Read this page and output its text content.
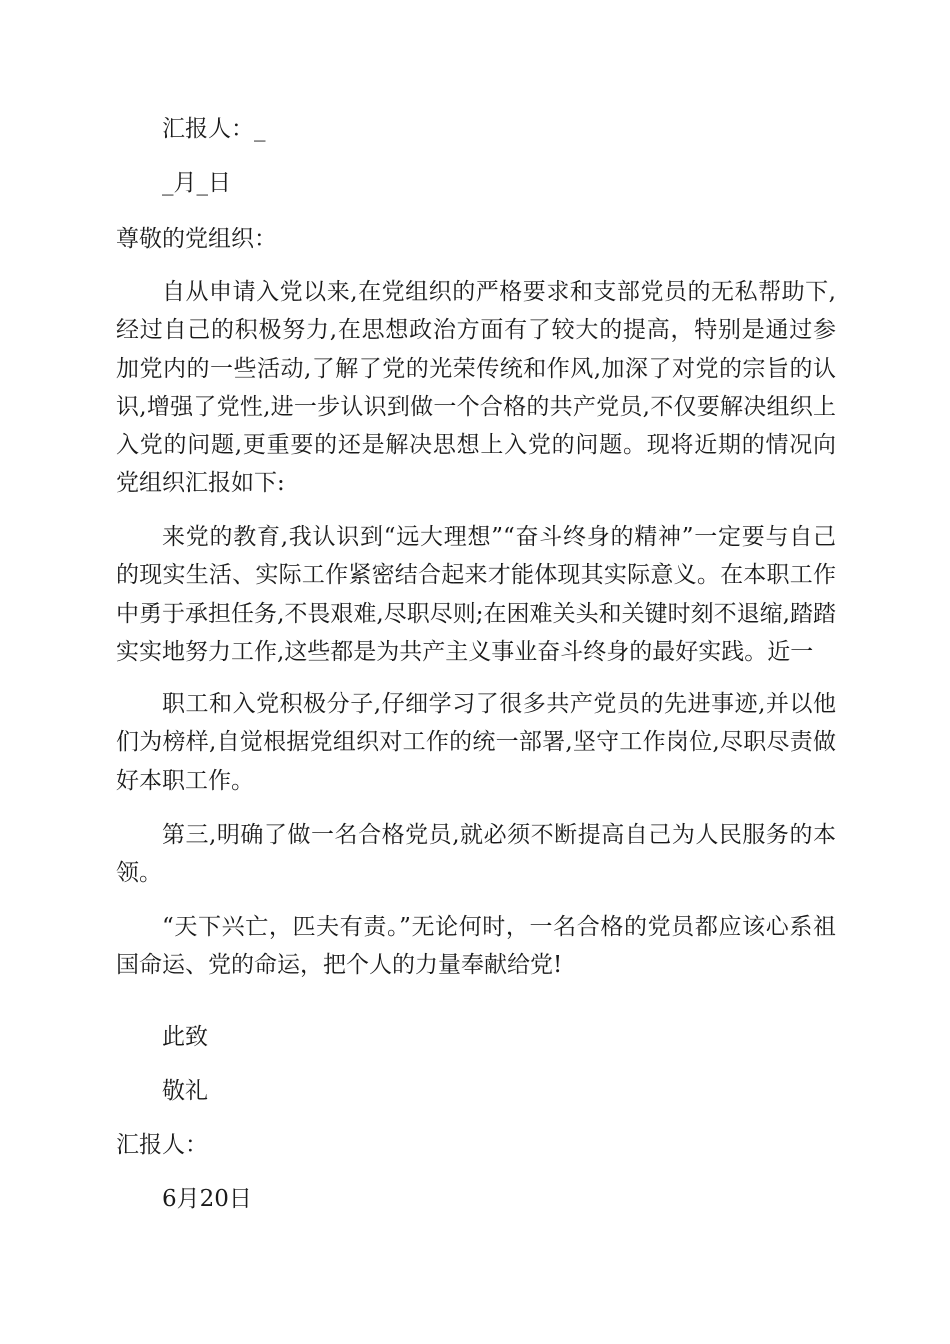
汇报人：_
_月_日
尊敬的党组织：
自从申请入党以来,在党组织的严格要求和支部党员的无私帮助下,经过自己的积极努力,在思想政治方面有了较大的提高，特别是通过参加党内的一些活动,了解了党的光荣传统和作风,加深了对党的宗旨的认识,增强了党性,进一步认识到做一个合格的共产党员,不仅要解决组织上入党的问题,更重要的还是解决思想上入党的问题。现将近期的情况向党组织汇报如下:
来党的教育,我认识到“远大理想”“奋斗终身的精神”一定要与自己的现实生活、实际工作紧密结合起来才能体现其实际意义。在本职工作中勇于承担任务,不畏艰难,尽职尽则;在困难关头和关键时刻不退缩,踏踏实实地努力工作,这些都是为共产主义事业奋斗终身的最好实践。近一
职工和入党积极分子,仔细学习了很多共产党员的先进事迹,并以他们为榜样,自觉根据党组织对工作的统一部署,坚守工作岗位,尽职尽责做好本职工作。
第三,明确了做一名合格党员,就必须不断提高自己为人民服务的本领。
“天下兴亡，匹夫有责。”无论何时，一名合格的党员都应该心系祖国命运、党的命运，把个人的力量奉献给党!
此致
敬礼
汇报人：
6月20日
